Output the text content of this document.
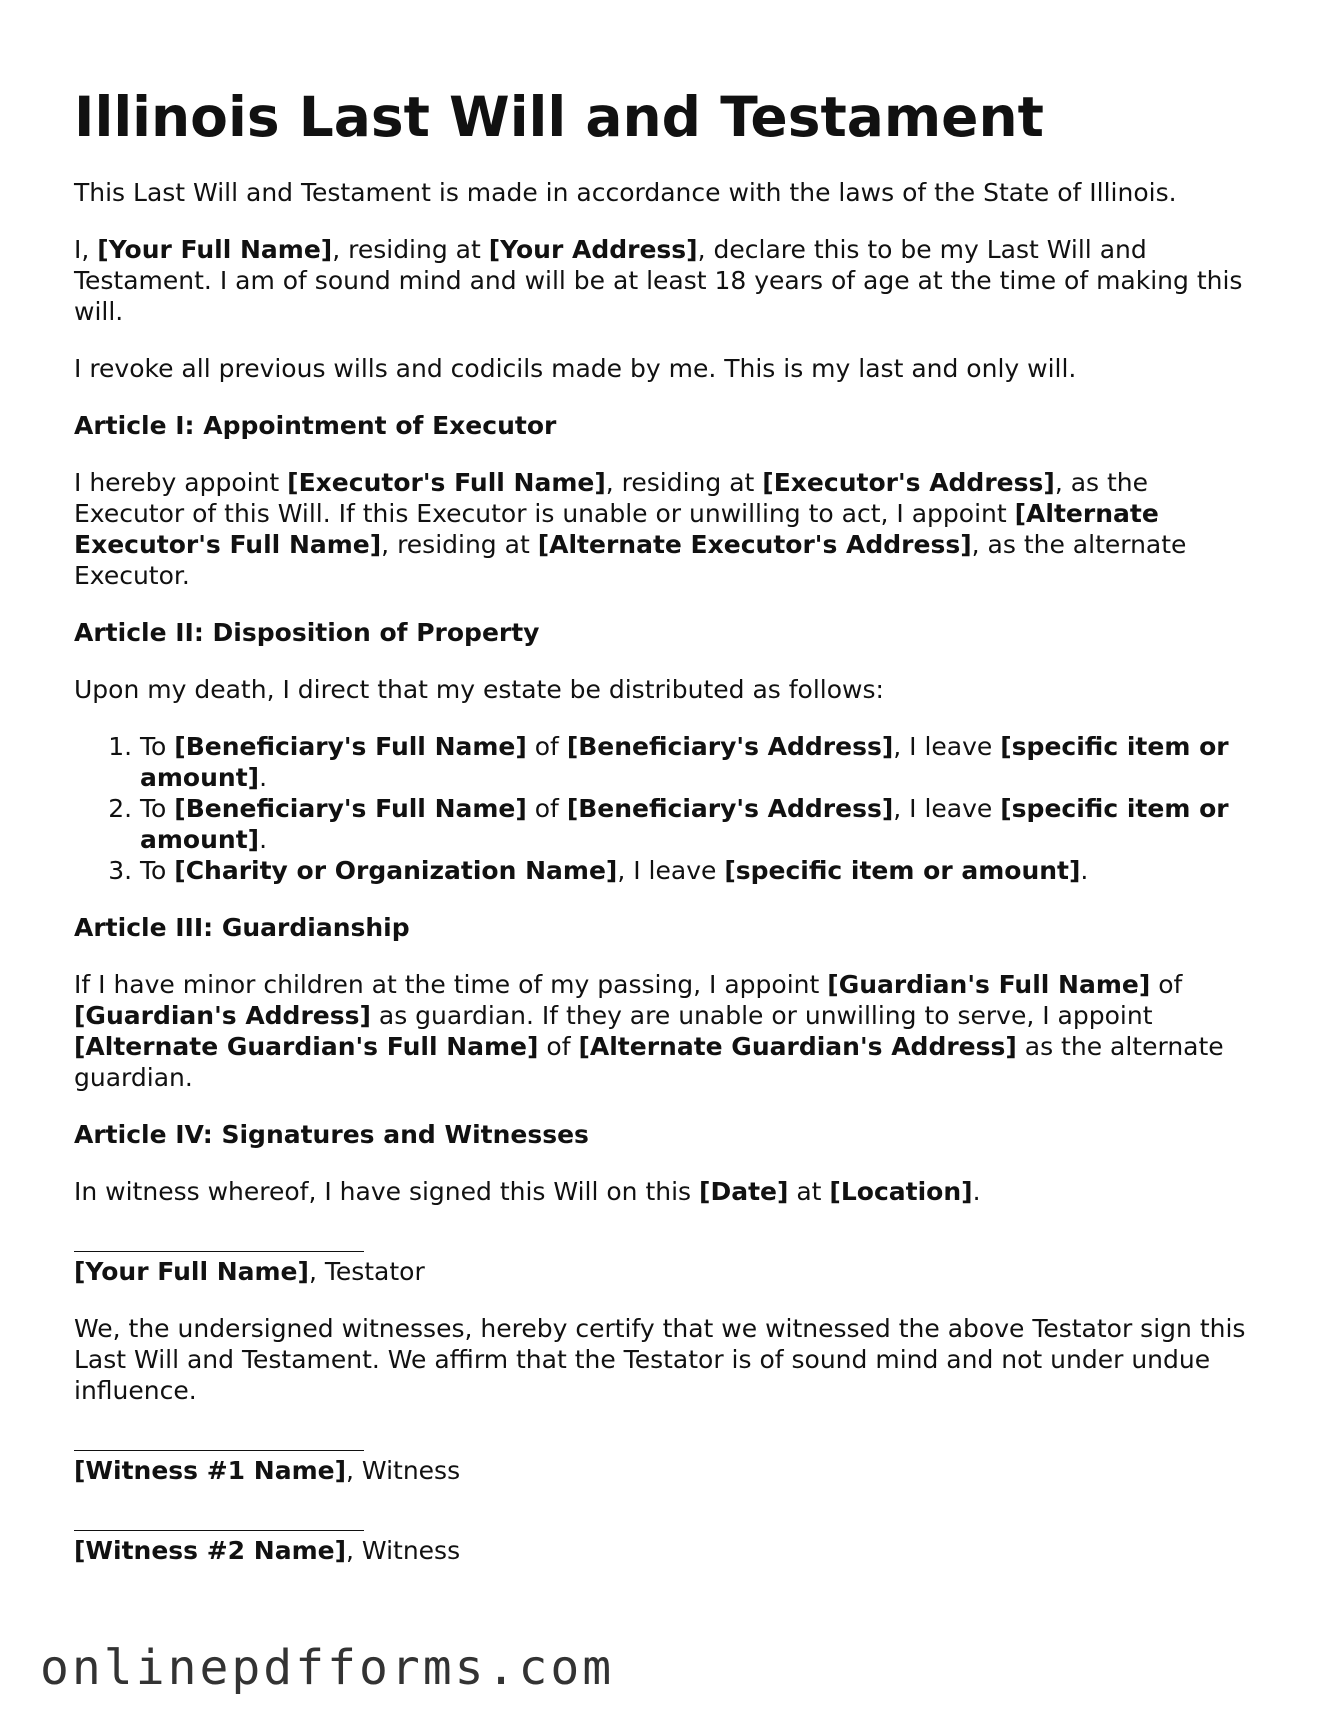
Illinois Last Will and Testament

This Last Will and Testament is made in accordance with the laws of the State of Illinois.

I, [Your Full Name], residing at [Your Address], declare this to be my Last Will and Testament. I am of sound mind and will be at least 18 years of age at the time of making this will.

I revoke all previous wills and codicils made by me. This is my last and only will.

Article I: Appointment of Executor

I hereby appoint [Executor's Full Name], residing at [Executor's Address], as the Executor of this Will. If this Executor is unable or unwilling to act, I appoint [Alternate Executor's Full Name], residing at [Alternate Executor's Address], as the alternate Executor.

Article II: Disposition of Property

Upon my death, I direct that my estate be distributed as follows:

1. To [Beneficiary's Full Name] of [Beneficiary's Address], I leave [specific item or amount].
2. To [Beneficiary's Full Name] of [Beneficiary's Address], I leave [specific item or amount].
3. To [Charity or Organization Name], I leave [specific item or amount].

Article III: Guardianship

If I have minor children at the time of my passing, I appoint [Guardian's Full Name] of [Guardian's Address] as guardian. If they are unable or unwilling to serve, I appoint [Alternate Guardian's Full Name] of [Alternate Guardian's Address] as the alternate guardian.

Article IV: Signatures and Witnesses

In witness whereof, I have signed this Will on this [Date] at [Location].

[Your Full Name], Testator

We, the undersigned witnesses, hereby certify that we witnessed the above Testator sign this Last Will and Testament. We affirm that the Testator is of sound mind and not under undue influence.

[Witness #1 Name], Witness
[Witness #2 Name], Witness
onlinepdfforms.com
